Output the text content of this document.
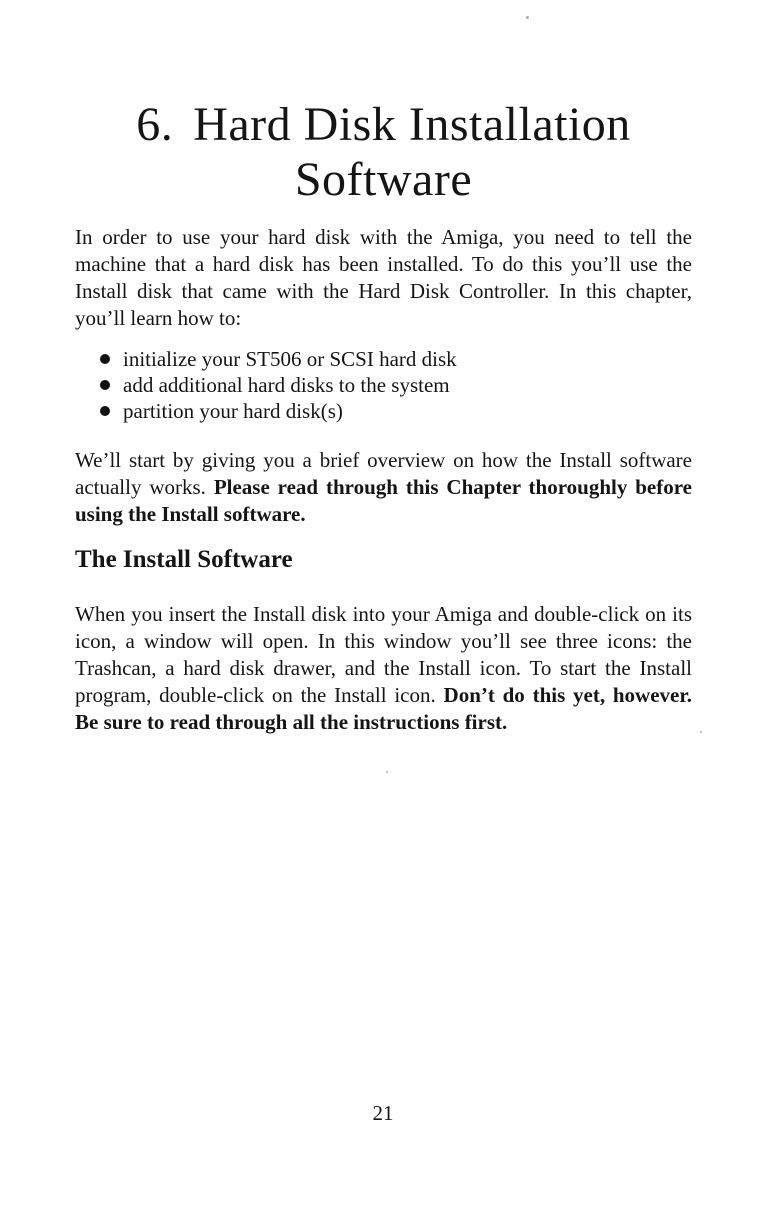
6. Hard Disk Installation
Software

In order to use your hard disk with the Amiga, you need to tell the machine that a hard disk has been installed. To do this you’ll use the Install disk that came with the Hard Disk Controller. In this chapter, you’ll learn how to:

initialize your ST506 or SCSI hard disk
add additional hard disks to the system
partition your hard disk(s)

We’ll start by giving you a brief overview on how the Install software actually works. Please read through this Chapter thoroughly before using the Install software.

The Install Software

When you insert the Install disk into your Amiga and double-click on its icon, a window will open. In this window you’ll see three icons: the Trashcan, a hard disk drawer, and the Install icon. To start the Install program, double-click on the Install icon. Don’t do this yet, however. Be sure to read through all the instructions first.

21
